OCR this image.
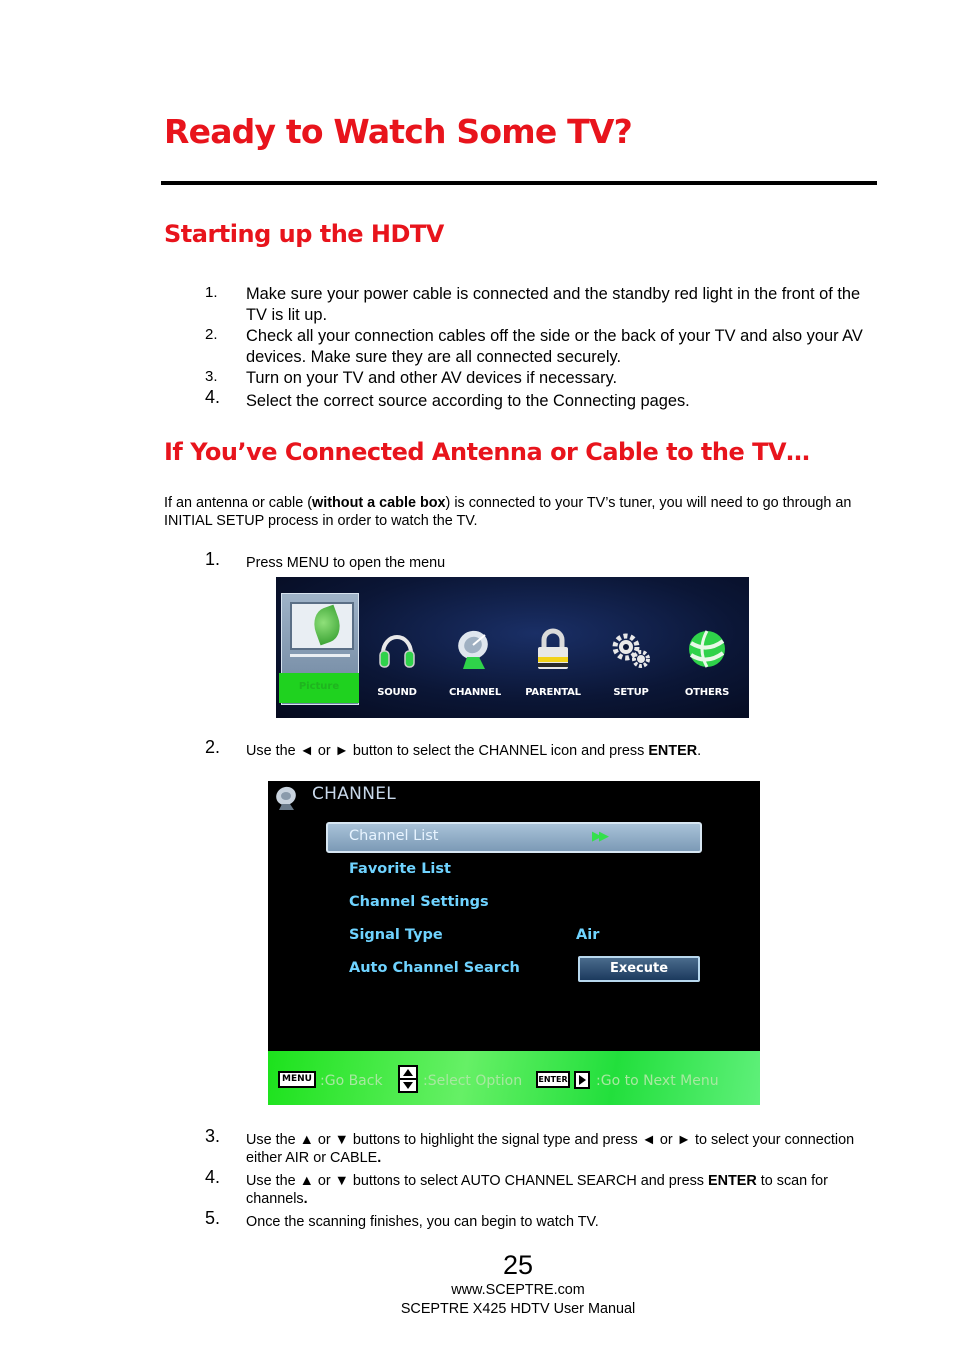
Ready to Watch Some TV?
Starting up the HDTV
1. Make sure your power cable is connected and the standby red light in the front of the TV is lit up.
2. Check all your connection cables off the side or the back of your TV and also your AV devices. Make sure they are all connected securely.
3. Turn on your TV and other AV devices if necessary.
4. Select the correct source according to the Connecting pages.
If You’ve Connected Antenna or Cable to the TV…
If an antenna or cable (without a cable box) is connected to your TV’s tuner, you will need to go through an INITIAL SETUP process in order to watch the TV.
1. Press MENU to open the menu
Picture
SOUND	CHANNEL	PARENTAL	SETUP	OTHERS
2. Use the ◄ or ► button to select the CHANNEL icon and press ENTER.
CHANNEL
Channel List	▶▶
Favorite List
Channel Settings
Signal Type	Air
Auto Channel Search	Execute
MENU :Go Back	:Select Option ENTER :Go to Next Menu
3. Use the ▲ or ▼ buttons to highlight the signal type and press ◄ or ► to select your connection either AIR or CABLE.
4. Use the ▲ or ▼ buttons to select AUTO CHANNEL SEARCH and press ENTER to scan for channels.
5. Once the scanning finishes, you can begin to watch TV.
25
www.SCEPTRE.com
SCEPTRE X425 HDTV User Manual
